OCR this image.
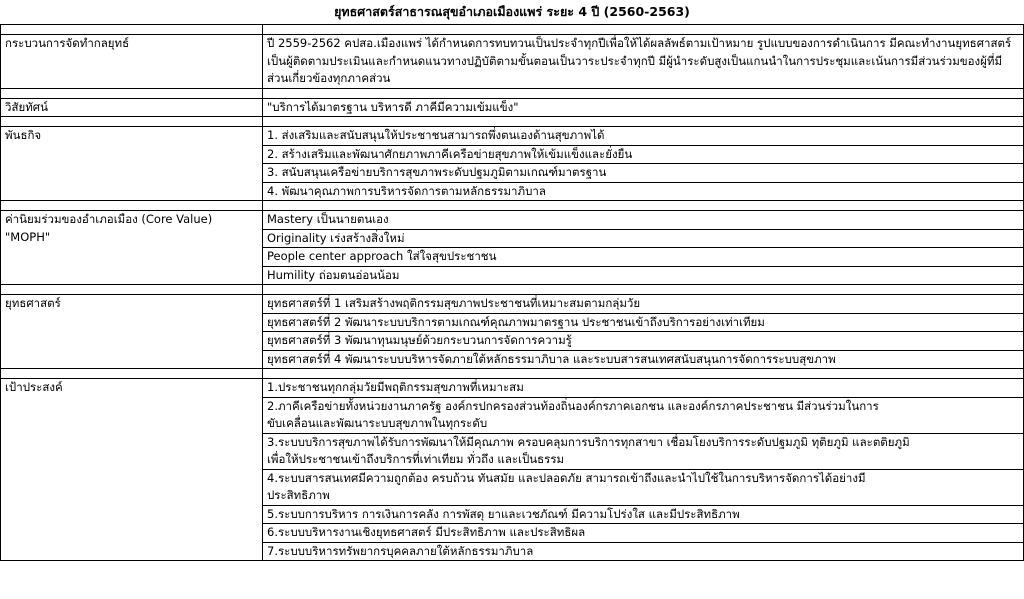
ยุทธศาสตร์สาธารณสุขอำเภอเมืองแพร่ ระยะ 4 ปี (2560-2563)

กระบวนการจัดทำกลยุทธ์	ปี 2559-2562 คปสอ.เมืองแพร่ ได้กำหนดการทบทวนเป็นประจำทุกปีเพื่อให้ได้ผลลัพธ์ตามเป้าหมาย รูปแบบของการดำเนินการ มีคณะทำงานยุทธศาสตร์เป็นผู้ติดตามประเมินและกำหนดแนวทางปฏิบัติตามขั้นตอนเป็นวาระประจำทุกปี มีผู้นำระดับสูงเป็นแกนนำในการประชุมและเน้นการมีส่วนร่วมของผู้ที่มีส่วนเกี่ยวข้องทุกภาคส่วน

วิสัยทัศน์	"บริการได้มาตรฐาน บริหารดี ภาคีมีความเข้มแข็ง"

พันธกิจ	1. ส่งเสริมและสนับสนุนให้ประชาชนสามารถพึ่งตนเองด้านสุขภาพได้
	2. สร้างเสริมและพัฒนาศักยภาพภาคีเครือข่ายสุขภาพให้เข้มแข็งและยั่งยืน
	3. สนับสนุนเครือข่ายบริการสุขภาพระดับปฐมภูมิตามเกณฑ์มาตรฐาน
	4. พัฒนาคุณภาพการบริหารจัดการตามหลักธรรมาภิบาล

ค่านิยมร่วมของอำเภอเมือง (Core Value)
"MOPH"	Mastery เป็นนายตนเอง
	Originality เร่งสร้างสิ่งใหม่
	People center approach ใส่ใจสุขประชาชน
	Humility ถ่อมตนอ่อนน้อม

ยุทธศาสตร์	ยุทธศาสตร์ที่ 1 เสริมสร้างพฤติกรรมสุขภาพประชาชนที่เหมาะสมตามกลุ่มวัย
	ยุทธศาสตร์ที่ 2 พัฒนาระบบบริการตามเกณฑ์คุณภาพมาตรฐาน ประชาชนเข้าถึงบริการอย่างเท่าเทียม
	ยุทธศาสตร์ที่ 3 พัฒนาทุนมนุษย์ด้วยกระบวนการจัดการความรู้
	ยุทธศาสตร์ที่ 4 พัฒนาระบบบริหารจัดภายใต้หลักธรรมาภิบาล และระบบสารสนเทศสนับสนุนการจัดการระบบสุขภาพ

เป้าประสงค์	1.ประชาชนทุกกลุ่มวัยมีพฤติกรรมสุขภาพที่เหมาะสม

	2.ภาคีเครือข่ายทั้งหน่วยงานภาครัฐ องค์กรปกครองส่วนท้องถิ่นองค์กรภาคเอกชน และองค์กรภาคประชาชน มีส่วนร่วมในการ
ขับเคลื่อนและพัฒนาระบบสุขภาพในทุกระดับ

	3.ระบบบริการสุขภาพได้รับการพัฒนาให้มีคุณภาพ ครอบคลุมการบริการทุกสาขา เชื่อมโยงบริการระดับปฐมภูมิ ทุติยภูมิ และตติยภูมิ
เพื่อให้ประชาชนเข้าถึงบริการที่เท่าเทียม ทั่วถึง และเป็นธรรม

	4.ระบบสารสนเทศมีความถูกต้อง ครบถ้วน ทันสมัย และปลอดภัย สามารถเข้าถึงและนำไปใช้ในการบริหารจัดการได้อย่างมี
ประสิทธิภาพ

	5.ระบบการบริหาร การเงินการคลัง การพัสดุ ยาและเวชภัณฑ์ มีความโปร่งใส และมีประสิทธิภาพ

	6.ระบบบริหารงานเชิงยุทธศาสตร์ มีประสิทธิภาพ และประสิทธิผล

	7.ระบบบริหารทรัพยากรบุคคลภายใต้หลักธรรมาภิบาล
